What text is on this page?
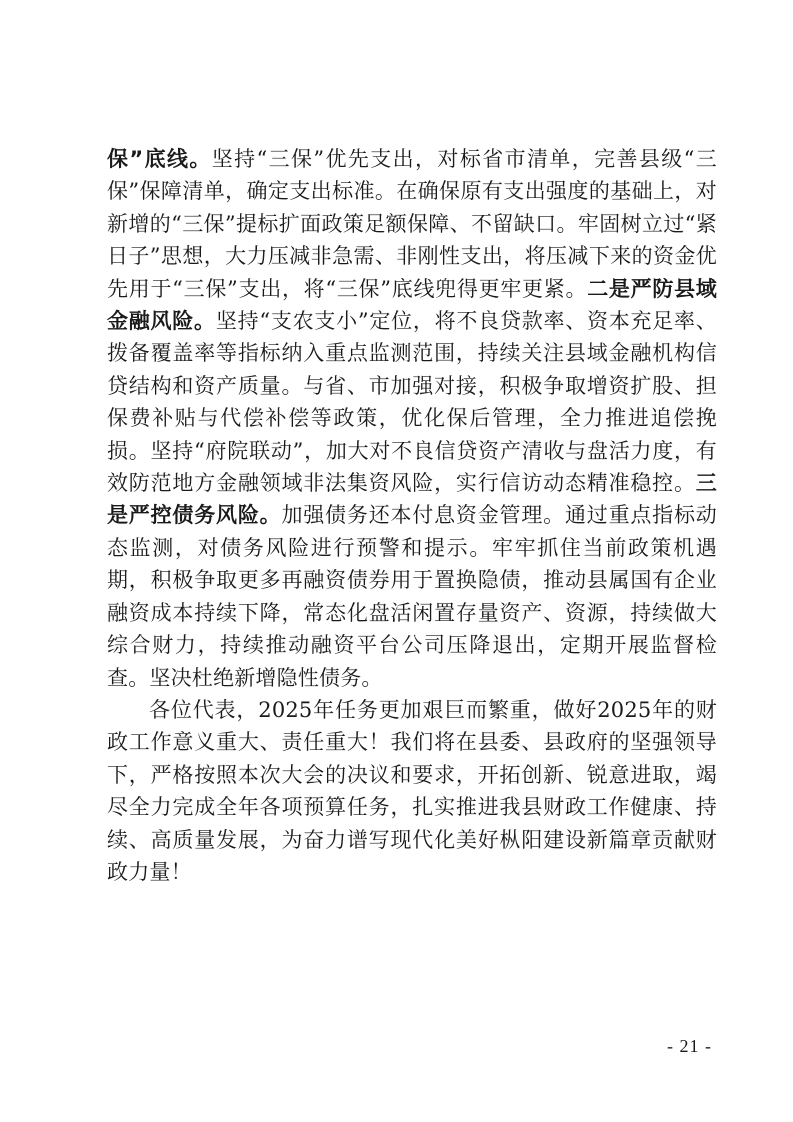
保”底线。坚持“三保”优先支出，对标省市清单，完善县级“三保”保障清单，确定支出标准。在确保原有支出强度的基础上，对新增的“三保”提标扩面政策足额保障、不留缺口。牢固树立过“紧日子”思想，大力压减非急需、非刚性支出，将压减下来的资金优先用于“三保”支出，将“三保”底线兜得更牢更紧。二是严防县域金融风险。坚持“支农支小”定位，将不良贷款率、资本充足率、拨备覆盖率等指标纳入重点监测范围，持续关注县域金融机构信贷结构和资产质量。与省、市加强对接，积极争取增资扩股、担保费补贴与代偿补偿等政策，优化保后管理，全力推进追偿挽损。坚持“府院联动”，加大对不良信贷资产清收与盘活力度，有效防范地方金融领域非法集资风险，实行信访动态精准稳控。三是严控债务风险。加强债务还本付息资金管理。通过重点指标动态监测，对债务风险进行预警和提示。牢牢抓住当前政策机遇期，积极争取更多再融资债券用于置换隐债，推动县属国有企业融资成本持续下降，常态化盘活闲置存量资产、资源，持续做大综合财力，持续推动融资平台公司压降退出，定期开展监督检查。坚决杜绝新增隐性债务。

各位代表，2025年任务更加艰巨而繁重，做好2025年的财政工作意义重大、责任重大！我们将在县委、县政府的坚强领导下，严格按照本次大会的决议和要求，开拓创新、锐意进取，竭尽全力完成全年各项预算任务，扎实推进我县财政工作健康、持续、高质量发展，为奋力谱写现代化美好枞阳建设新篇章贡献财政力量！

- 21 -
